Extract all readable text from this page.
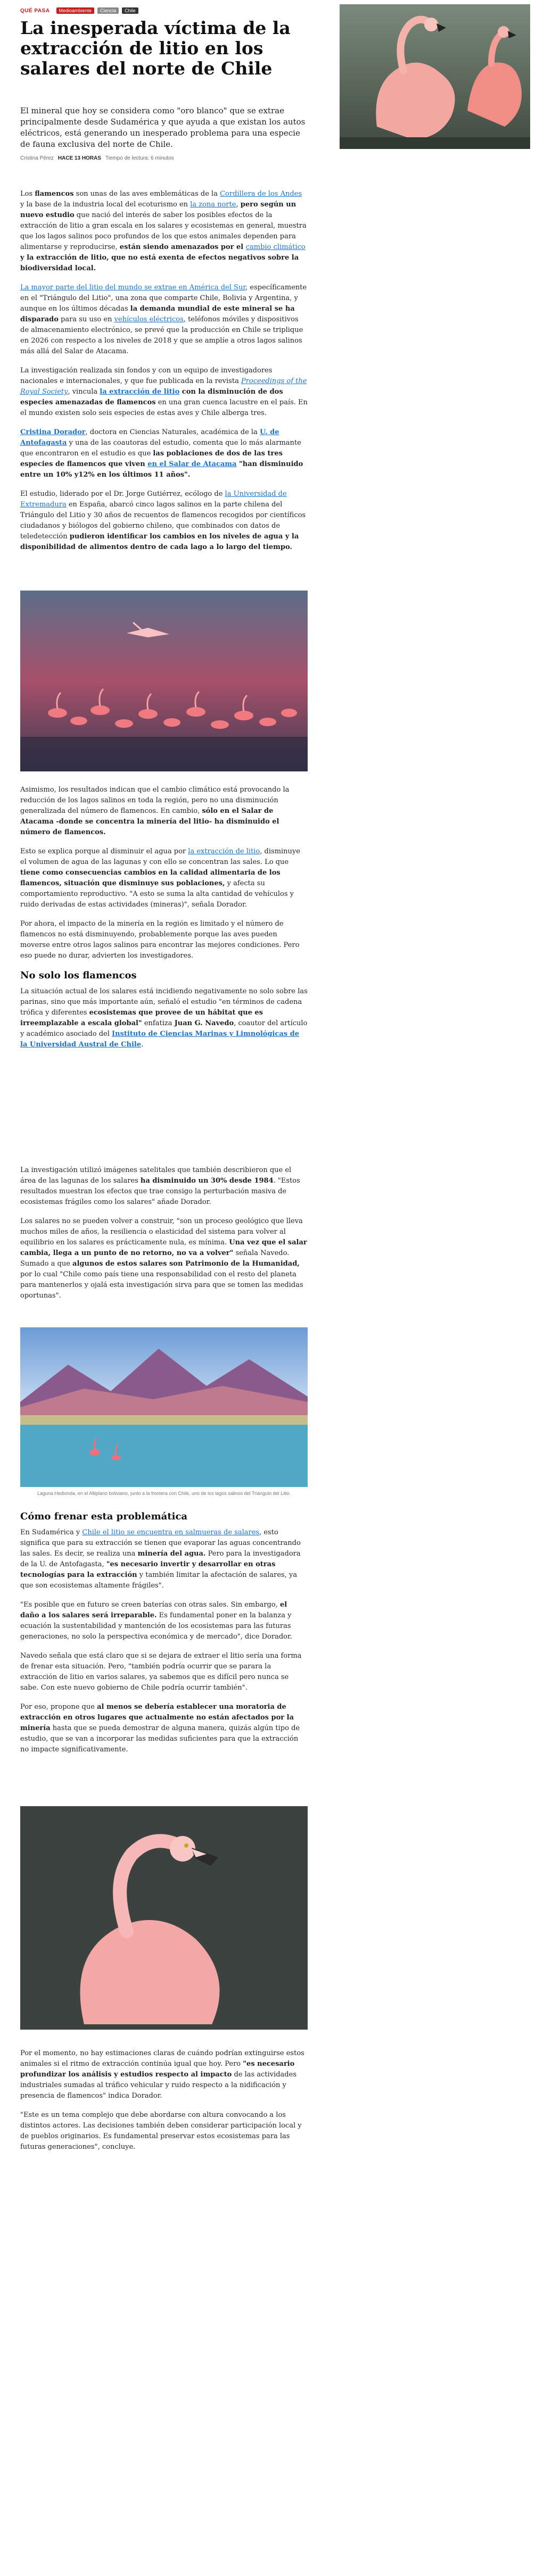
QUÉ PASA	Medioambiente	Ciencia	Chile
La inesperada víctima de la extracción de litio en los salares del norte de Chile

El mineral que hoy se considera como "oro blanco" que se extrae principalmente desde Sudamérica y que ayuda a que existan los autos eléctricos, está generando un inesperado problema para una especie de fauna exclusiva del norte de Chile.

Cristina Pérez HACE 13 HORAS Tiempo de lectura: 6 minutos

Los flamencos son unas de las aves emblemáticas de la Cordillera de los Andes y la base de la industria local del ecoturismo en la zona norte, pero según un nuevo estudio que nació del interés de saber los posibles efectos de la extracción de litio a gran escala en los salares y ecosistemas en general, muestra que los lagos salinos poco profundos de los que estos animales dependen para alimentarse y reproducirse, están siendo amenazados por el cambio climático y la extracción de litio, que no está exenta de efectos negativos sobre la biodiversidad local.

La mayor parte del litio del mundo se extrae en América del Sur, específicamente en el "Triángulo del Litio", una zona que comparte Chile, Bolivia y Argentina, y aunque en los últimos décadas la demanda mundial de este mineral se ha disparado para su uso en vehículos eléctricos, teléfonos móviles y dispositivos de almacenamiento electrónico, se prevé que la producción en Chile se triplique en 2026 con respecto a los niveles de 2018 y que se amplíe a otros lagos salinos más allá del Salar de Atacama.

La investigación realizada sin fondos y con un equipo de investigadores nacionales e internacionales, y que fue publicada en la revista Proceedings of the Royal Society, vincula la extracción de litio con la disminución de dos especies amenazadas de flamencos en una gran cuenca lacustre en el país. En el mundo existen solo seis especies de estas aves y Chile alberga tres.

Cristina Dorador, doctora en Ciencias Naturales, académica de la U. de Antofagasta y una de las coautoras del estudio, comenta que lo más alarmante que encontraron en el estudio es que las poblaciones de dos de las tres especies de flamencos que viven en el Salar de Atacama "han disminuido entre un 10% y12% en los últimos 11 años".

El estudio, liderado por el Dr. Jorge Gutiérrez, ecólogo de la Universidad de Extremadura en España, abarcó cinco lagos salinos en la parte chilena del Triángulo del Litio y 30 años de recuentos de flamencos recogidos por científicos ciudadanos y biólogos del gobierno chileno, que combinados con datos de teledetección pudieron identificar los cambios en los niveles de agua y la disponibilidad de alimentos dentro de cada lago a lo largo del tiempo.

Asimismo, los resultados indican que el cambio climático está provocando la reducción de los lagos salinos en toda la región, pero no una disminución generalizada del número de flamencos. En cambio, sólo en el Salar de Atacama -donde se concentra la minería del litio- ha disminuido el número de flamencos.

Esto se explica porque al disminuir el agua por la extracción de litio, disminuye el volumen de agua de las lagunas y con ello se concentran las sales. Lo que tiene como consecuencias cambios en la calidad alimentaria de los flamencos, situación que disminuye sus poblaciones, y afecta su comportamiento reproductivo. "A esto se suma la alta cantidad de vehículos y ruido derivadas de estas actividades (mineras)", señala Dorador.

Por ahora, el impacto de la minería en la región es limitado y el número de flamencos no está disminuyendo, probablemente porque las aves pueden moverse entre otros lagos salinos para encontrar las mejores condiciones. Pero eso puede no durar, advierten los investigadores.

No solo los flamencos

La situación actual de los salares está incidiendo negativamente no solo sobre las parinas, sino que más importante aún, señaló el estudio "en términos de cadena trófica y diferentes ecosistemas que provee de un hábitat que es irreemplazable a escala global" enfatiza Juan G. Navedo, coautor del artículo y académico asociado del Instituto de Ciencias Marinas y Limnológicas de la Universidad Austral de Chile.

La investigación utilizó imágenes satelitales que también describieron que el área de las lagunas de los salares ha disminuido un 30% desde 1984. "Estos resultados muestran los efectos que trae consigo la perturbación masiva de ecosistemas frágiles como los salares" añade Dorador.

Los salares no se pueden volver a construir, "son un proceso geológico que lleva muchos miles de años, la resiliencia o elasticidad del sistema para volver al equilibrio en los salares es prácticamente nula, es mínima. Una vez que el salar cambia, llega a un punto de no retorno, no va a volver" señala Navedo. Sumado a que algunos de estos salares son Patrimonio de la Humanidad, por lo cual "Chile como país tiene una responsabilidad con el resto del planeta para mantenerlos y ojalá esta investigación sirva para que se tomen las medidas oportunas".

Laguna Hedionda, en el Altiplano boliviano, junto a la frontera con Chile, uno de los lagos salinos del Triángulo del Litio.
Cómo frenar esta problemática

En Sudamérica y Chile el litio se encuentra en salmueras de salares, esto significa que para su extracción se tienen que evaporar las aguas concentrando las sales. Es decir, se realiza una minería del agua. Pero para la investigadora de la U. de Antofagasta, "es necesario invertir y desarrollar en otras tecnologías para la extracción y también limitar la afectación de salares, ya que son ecosistemas altamente frágiles".

"Es posible que en futuro se creen baterías con otras sales. Sin embargo, el daño a los salares será irreparable. Es fundamental poner en la balanza y ecuación la sustentabilidad y mantención de los ecosistemas para las futuras generaciones, no solo la perspectiva económica y de mercado", dice Dorador.

Navedo señala que está claro que si se dejara de extraer el litio sería una forma de frenar esta situación. Pero, "también podría ocurrir que se parara la extracción de litio en varios salares, ya sabemos que es difícil pero nunca se sabe. Con este nuevo gobierno de Chile podría ocurrir también".

Por eso, propone que al menos se debería establecer una moratoria de extracción en otros lugares que actualmente no están afectados por la minería hasta que se pueda demostrar de alguna manera, quizás algún tipo de estudio, que se van a incorporar las medidas suficientes para que la extracción no impacte significativamente.

Por el momento, no hay estimaciones claras de cuándo podrían extinguirse estos animales si el ritmo de extracción continúa igual que hoy. Pero "es necesario profundizar los análisis y estudios respecto al impacto de las actividades industriales sumadas al tráfico vehicular y ruido respecto a la nidificación y presencia de flamencos" indica Dorador.

"Este es un tema complejo que debe abordarse con altura convocando a los distintos actores. Las decisiones también deben considerar participación local y de pueblos originarios. Es fundamental preservar estos ecosistemas para las futuras generaciones", concluye.
